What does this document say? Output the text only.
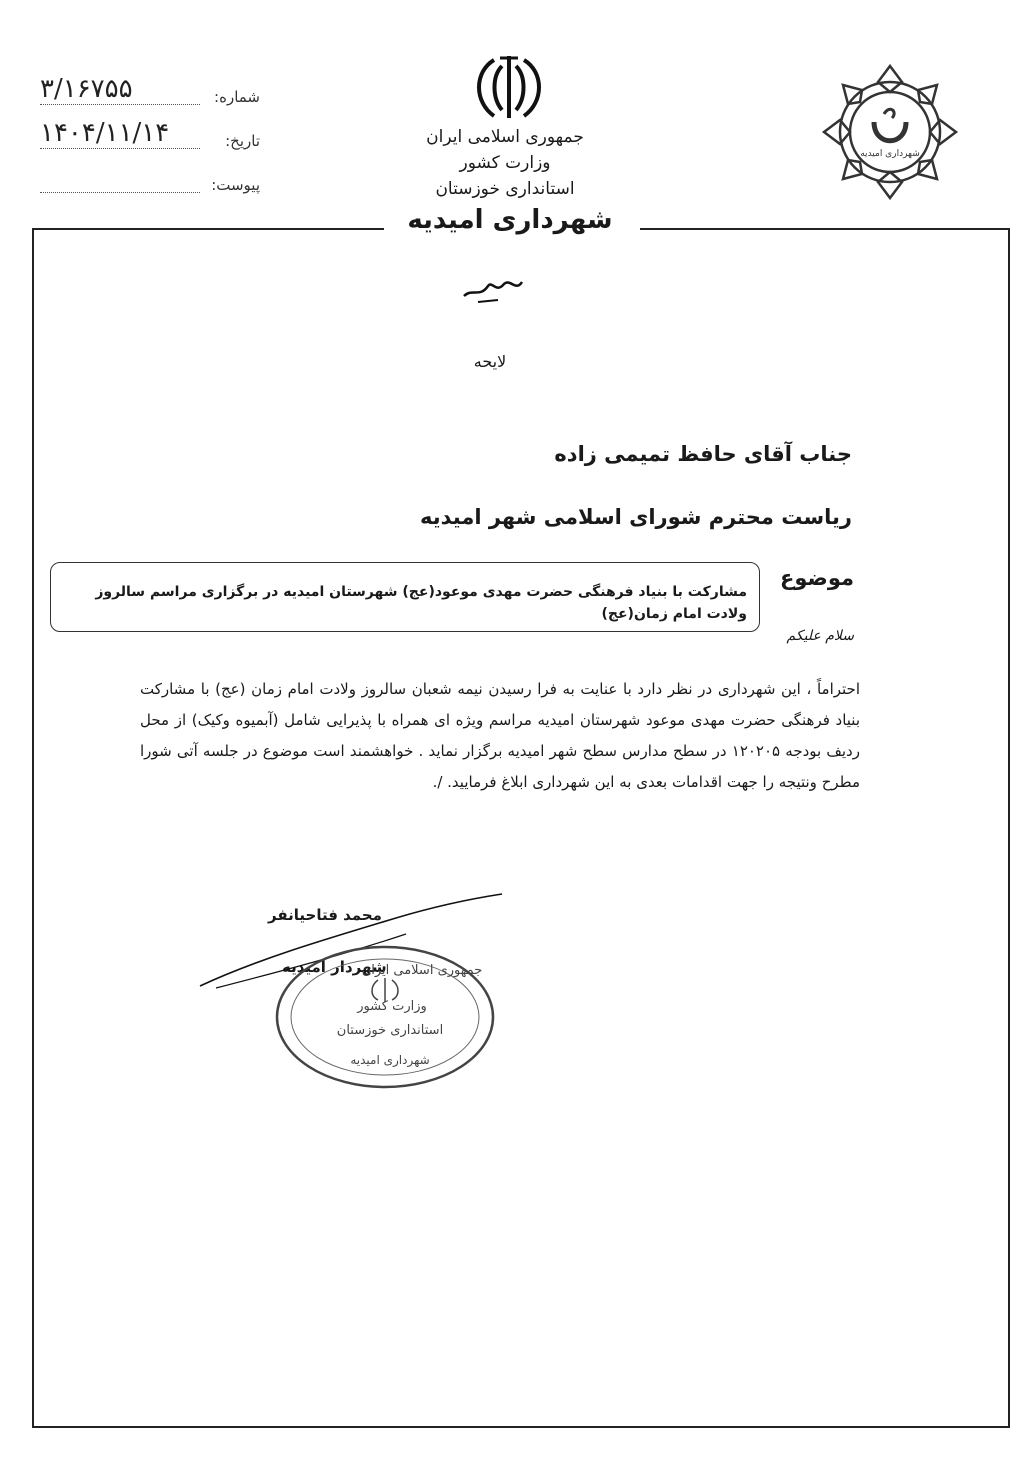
شماره:
۳/۱۶۷۵۵
تاریخ:
۱۴۰۴/۱۱/۱۴
پیوست:
جمهوری اسلامی ایران
وزارت کشور
استانداری خوزستان
شهرداری امیدیه
شهرداری امیدیه
لایحه
جناب آقای حافظ تمیمی زاده
ریاست محترم شورای اسلامی شهر امیدیه
موضوع
مشارکت با بنیاد فرهنگی حضرت مهدی موعود(عج) شهرستان امیدیه در برگزاری مراسم سالروز ولادت امام زمان(عج)
سلام علیکم
احتراماً ، این شهرداری در نظر دارد با عنایت به فرا رسیدن نیمه شعبان سالروز ولادت امام زمان (عج) با مشارکت بنیاد فرهنگی حضرت مهدی موعود شهرستان امیدیه مراسم ویژه ای همراه با پذیرایی شامل (آبمیوه وکیک) از محل ردیف بودجه ۱۲۰۲۰۵ در سطح مدارس سطح شهر امیدیه برگزار نماید . خواهشمند است موضوع در جلسه آتی شورا مطرح ونتیجه را جهت اقدامات بعدی به این شهرداری ابلاغ فرمایید. /.
محمد فتاحیانفر
شهردار امیدیه
جمهوری اسلامی ایران
وزارت کشور
استانداری خوزستان
شهرداری امیدیه
